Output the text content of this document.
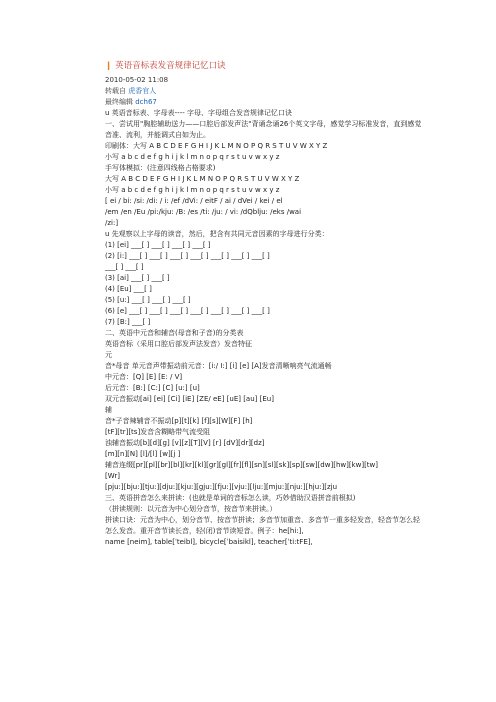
❙ 英语音标表发音规律记忆口诀
2010-05-02 11:08
转载自 虎香官人
最终编辑 dch67
u 英语音标表、字母表---- 字母、字母组合发音规律记忆口诀
一、尝试用"胸腔辅助送力——口腔后部发声法"背诵念诵26个英文字母，感觉学习标准发音，直到感觉音准、流利，并能调式自如为止。
印刷体：大写 A B C D E F G H I J K L M N O P Q R S T U V W X Y Z
小写 a b c d e f g h i j k l m n o p q r s t u v w x y z
手写体模拟：(注意四线格占格要求)
大写 A B C D E F G H I J K L M N O P Q R S T U V W X Y Z
小写 a b c d e f g h i j k l m n o p q r s t u v w x y z
[ ei / bi: /si: /di: / i: /ef /dVi: / eitF / ai / dVei / kei / el
/em /en /Eu /pi:/kju: /B: /es /ti: /ju: / vi: /dQblju: /eks /wai
/zi:]
u 先观察以上字母的读音，然后，把含有共同元音因素的字母进行分类：
(1) [ei] ___[ ] ___[ ] ___[ ] ___[ ]
(2) [i:] ___[ ] ___[ ] ___[ ] ___[ ] ___[ ] ___[ ] ___[ ]
___[ ] ___[ ]
(3) [ai] ___[ ] ___[ ]
(4) [Eu] ___[ ]
(5) [u:] ___[ ] ___[ ] ___[ ]
(6) [e] ___[ ] ___[ ] ___[ ] ___[ ] ___[ ] ___[ ] ___[ ]
(7) [B:] ___[ ]
二、英语中元音和辅音(母音和子音)的分类表
英语音标（采用口腔后部发声法发音）发音特征
元
音*母音 单元音声带振动前元音：[i:/ I:] [i] [e] [A]发音清晰响亮气流通畅
中元音：[Q] [E] [E: / V]
后元音：[B:] [C:] [C] [u:] [u]
双元音振动[ai] [ei] [Ci] [iE] [ZE/ eE] [uE] [au] [Eu]
辅
音*子音辣辅音不振动[p][t][k] [f][s][W][F] [h]
[tF][tr][ts]发音含糊略带气流受阻
浊辅音振动[b][d][g] [v][z][T][V] [r] [dV][dr][dz]
[m][n][N] [l]/[l] [w][j ]
辅音连缀[pr][pl][br][bl][kr][kl][gr][gl][fr][fl][sn][sl][sk][sp][sw][dw][hw][kw][tw]
[Wr]
[pju:][bju:][tju:][dju:][kju:][gju:][fju:][vju:][lju:][mju:][nju:][hju:][zju
三、英语拼音怎么来拼读：(也就是单词的音标怎么读，巧妙借助汉语拼音前根拟)
（拼读规则：以元音为中心划分音节，按音节来拼读。）
拼读口诀：元音为中心，划分音节、按音节拼读；多音节加重音、多音节一重多轻发音，轻音节怎么轻怎么发音。重开音节读长音，轻(闭)音节读短音。例子：he[hi:],
name [neim], table[ˈteibl], bicycle[ˈbaisikl], teacher[ˈti:tFE],
